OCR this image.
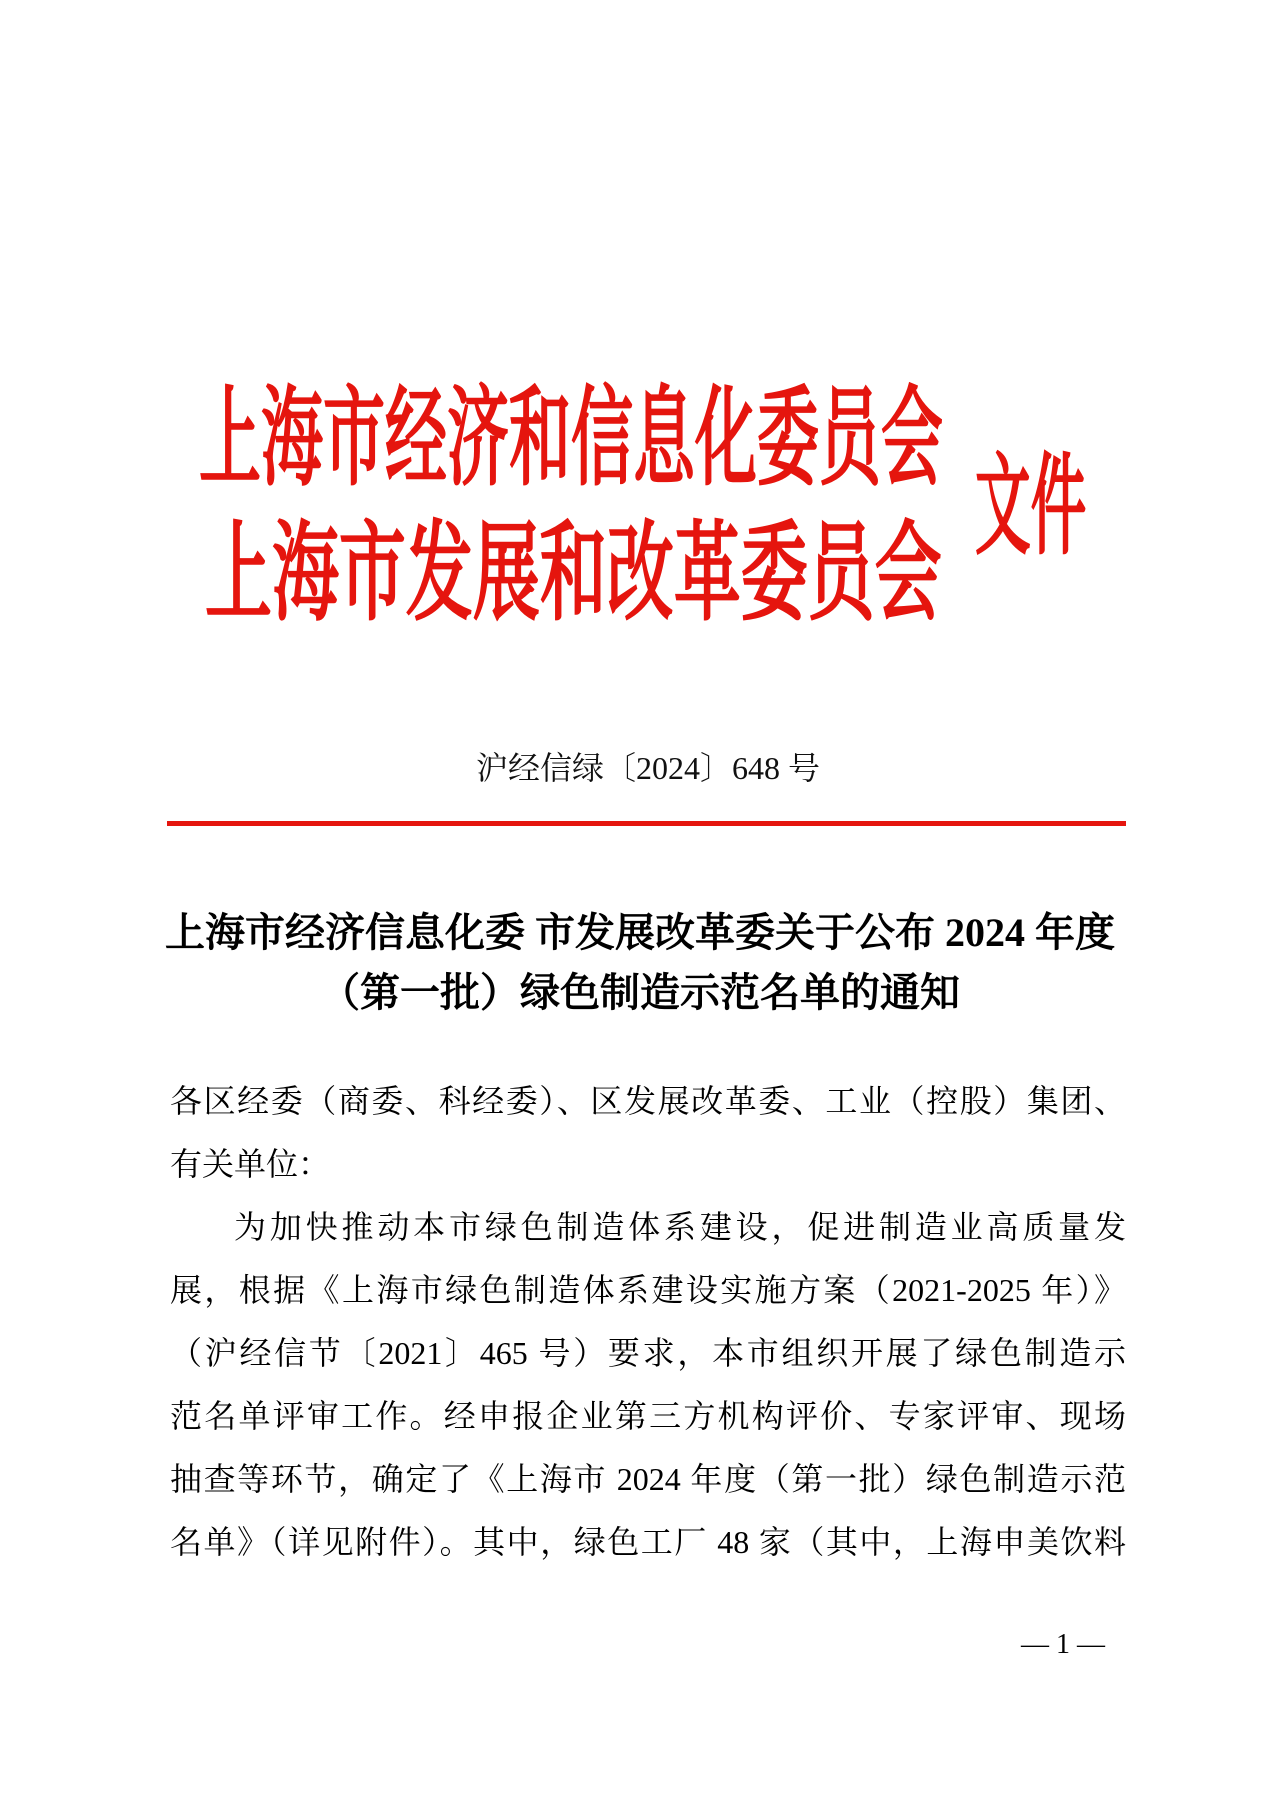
上海市经济和信息化委员会
上海市发展和改革委员会
文件
沪经信绿〔2024〕648 号
上海市经济信息化委 市发展改革委关于公布 2024 年度
（第一批）绿色制造示范名单的通知
各区经委（商委、科经委）、区发展改革委、工业（控股）集团、
有关单位：
为加快推动本市绿色制造体系建设，促进制造业高质量发
展，根据《上海市绿色制造体系建设实施方案（2021-2025 年）》
（沪经信节〔2021〕465 号）要求，本市组织开展了绿色制造示
范名单评审工作。经申报企业第三方机构评价、专家评审、现场
抽查等环节，确定了《上海市 2024 年度（第一批）绿色制造示范
名单》（详见附件）。其中，绿色工厂 48 家（其中，上海申美饮料
— 1 —
